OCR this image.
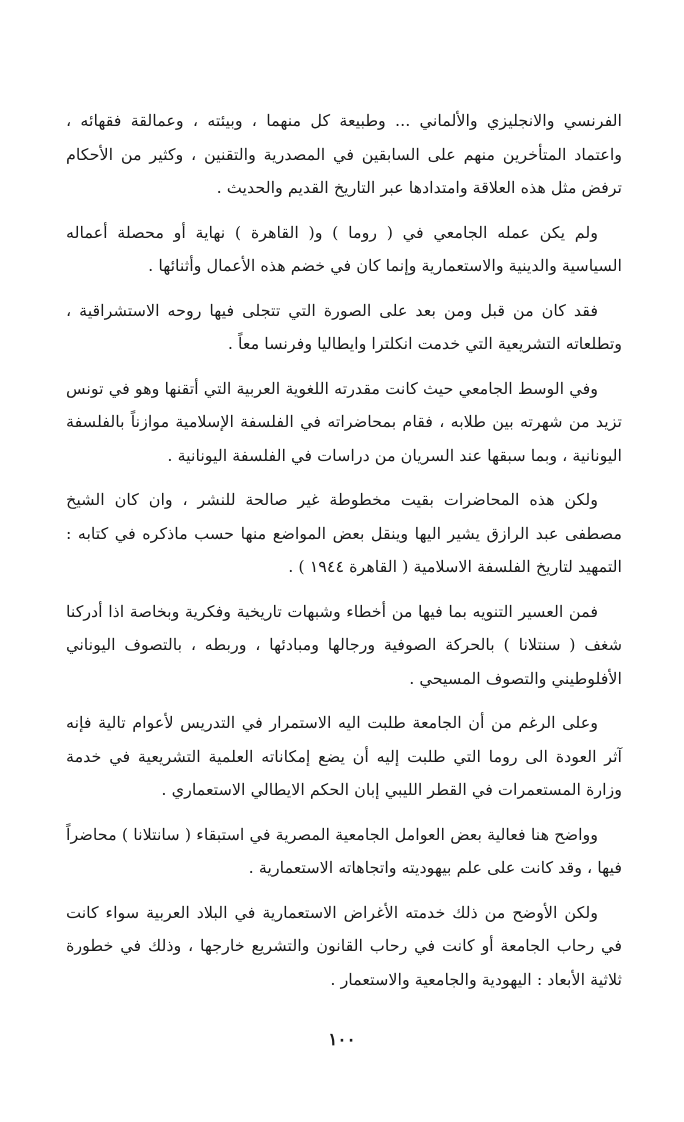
الفرنسي والانجليزي والألماني ... وطبيعة كل منهما ، وبيئته ، وعمالقة فقهائه ، واعتماد المتأخرين منهم على السابقين في المصدرية والتقنين ، وكثير من الأحكام ترفض مثل هذه العلاقة وامتدادها عبر التاريخ القديم والحديث .

ولم يكن عمله الجامعي في ( روما ) و( القاهرة ) نهاية أو محصلة أعماله السياسية والدينية والاستعمارية وإنما كان في خضم هذه الأعمال وأثنائها .

فقد كان من قبل ومن بعد على الصورة التي تتجلى فيها روحه الاستشراقية ، وتطلعاته التشريعية التي خدمت انكلترا وايطاليا وفرنسا معاً .

وفي الوسط الجامعي حيث كانت مقدرته اللغوية العربية التي أتقنها وهو في تونس تزيد من شهرته بين طلابه ، فقام بمحاضراته في الفلسفة الإسلامية موازناً بالفلسفة اليونانية ، وبما سبقها عند السريان من دراسات في الفلسفة اليونانية .

ولكن هذه المحاضرات بقيت مخطوطة غير صالحة للنشر ، وان كان الشيخ مصطفى عبد الرازق يشير اليها وينقل بعض المواضع منها حسب ماذكره في كتابه : التمهيد لتاريخ الفلسفة الاسلامية ( القاهرة ١٩٤٤ ) .

فمن العسير التنويه بما فيها من أخطاء وشبهات تاريخية وفكرية وبخاصة اذا أدركنا شغف ( سنتلانا ) بالحركة الصوفية ورجالها ومبادئها ، وربطه ، بالتصوف اليوناني الأفلوطيني والتصوف المسيحي .

وعلى الرغم من أن الجامعة طلبت اليه الاستمرار في التدريس لأعوام تالية فإنه آثر العودة الى روما التي طلبت إليه أن يضع إمكاناته العلمية التشريعية في خدمة وزارة المستعمرات في القطر الليبي إبان الحكم الايطالي الاستعماري .

وواضح هنا فعالية بعض العوامل الجامعية المصرية في استبقاء ( سانتلانا ) محاضراً فيها ، وقد كانت على علم بيهوديته واتجاهاته الاستعمارية .

ولكن الأوضح من ذلك خدمته الأغراض الاستعمارية في البلاد العربية سواء كانت في رحاب الجامعة أو كانت في رحاب القانون والتشريع خارجها ، وذلك في خطورة ثلاثية الأبعاد : اليهودية والجامعية والاستعمار .

١٠٠
